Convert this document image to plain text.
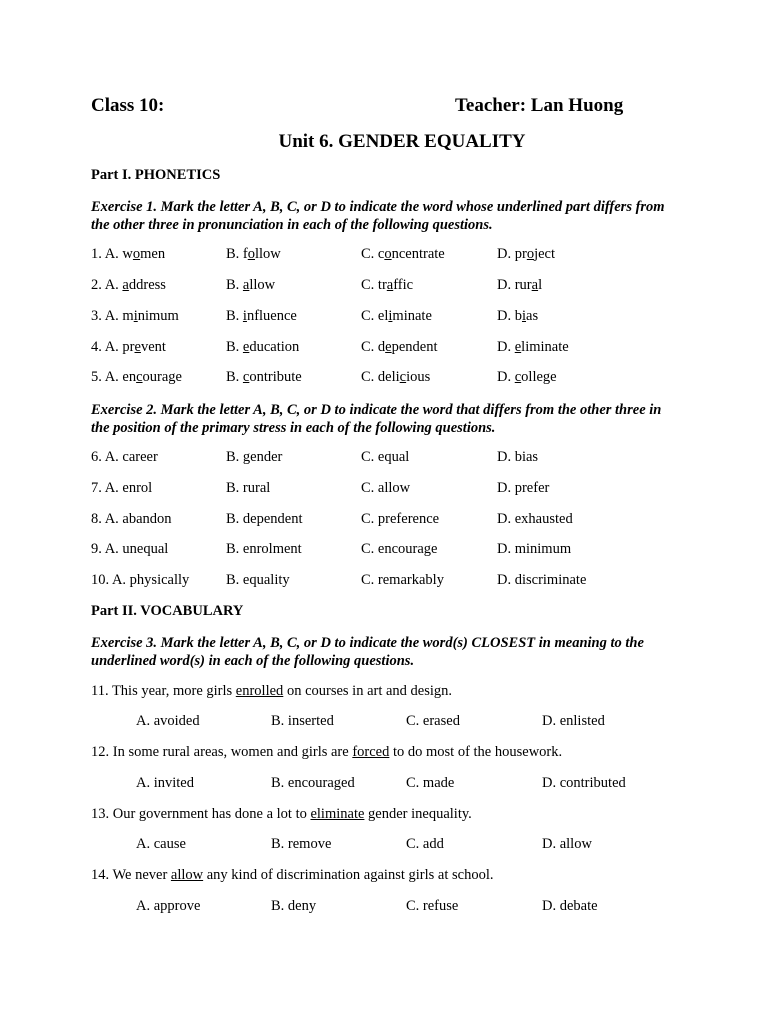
Class 10:	Teacher: Lan Huong
Unit 6. GENDER EQUALITY
Part I. PHONETICS
Exercise 1. Mark the letter A, B, C, or D to indicate the word whose underlined part differs from the other three in pronunciation in each of the following questions.
1. A. women	B. follow	C. concentrate	D. project
2. A. address	B. allow	C. traffic	D. rural
3. A. minimum	B. influence	C. eliminate	D. bias
4. A. prevent	B. education	C. dependent	D. eliminate
5. A. encourage	B. contribute	C. delicious	D. college
Exercise 2. Mark the letter A, B, C, or D to indicate the word that differs from the other three in the position of the primary stress in each of the following questions.
6. A. career	B. gender	C. equal	D. bias
7. A. enrol	B. rural	C. allow	D. prefer
8. A. abandon	B. dependent	C. preference	D. exhausted
9. A. unequal	B. enrolment	C. encourage	D. minimum
10. A. physically	B. equality	C. remarkably	D. discriminate
Part II. VOCABULARY
Exercise 3. Mark the letter A, B, C, or D to indicate the word(s) CLOSEST in meaning to the underlined word(s) in each of the following questions.
11. This year, more girls enrolled on courses in art and design.
A. avoided	B. inserted	C. erased	D. enlisted
12. In some rural areas, women and girls are forced to do most of the housework.
A. invited	B. encouraged	C. made	D. contributed
13. Our government has done a lot to eliminate gender inequality.
A. cause	B. remove	C. add	D. allow
14. We never allow any kind of discrimination against girls at school.
A. approve	B. deny	C. refuse	D. debate
